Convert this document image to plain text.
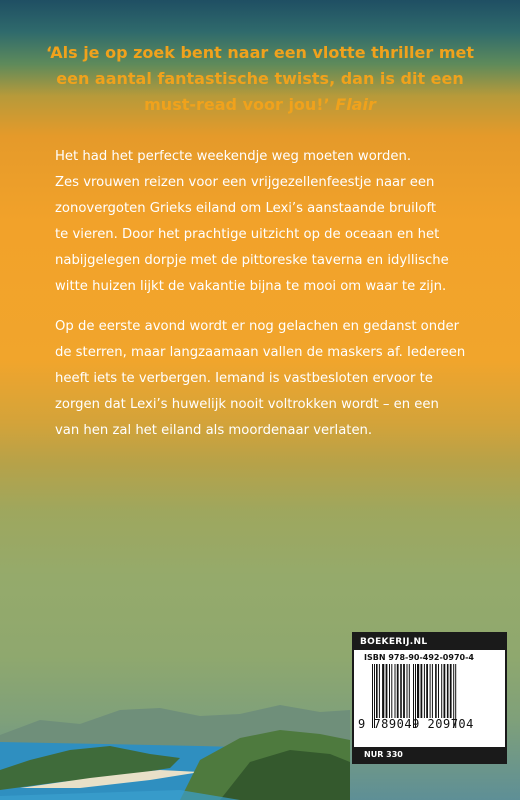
‘Als je op zoek bent naar een vlotte thriller met een aantal fantastische twists, dan is dit een must-read voor jou!’ Flair

Het had het perfecte weekendje weg moeten worden.
Zes vrouwen reizen voor een vrijgezellenfeestje naar een
zonovergoten Grieks eiland om Lexi’s aanstaande bruiloft
te vieren. Door het prachtige uitzicht op de oceaan en het
nabijgelegen dorpje met de pittoreske taverna en idyllische
witte huizen lijkt de vakantie bijna te mooi om waar te zijn.
Op de eerste avond wordt er nog gelachen en gedanst onder
de sterren, maar langzaamaan vallen de maskers af. Iedereen
heeft iets te verbergen. Iemand is vastbesloten ervoor te
zorgen dat Lexi’s huwelijk nooit voltrokken wordt – en een
van hen zal het eiland als moordenaar verlaten.
BOEKERIJ.NL
ISBN 978-90-492-0970-4
9 789049 209704
NUR 330
